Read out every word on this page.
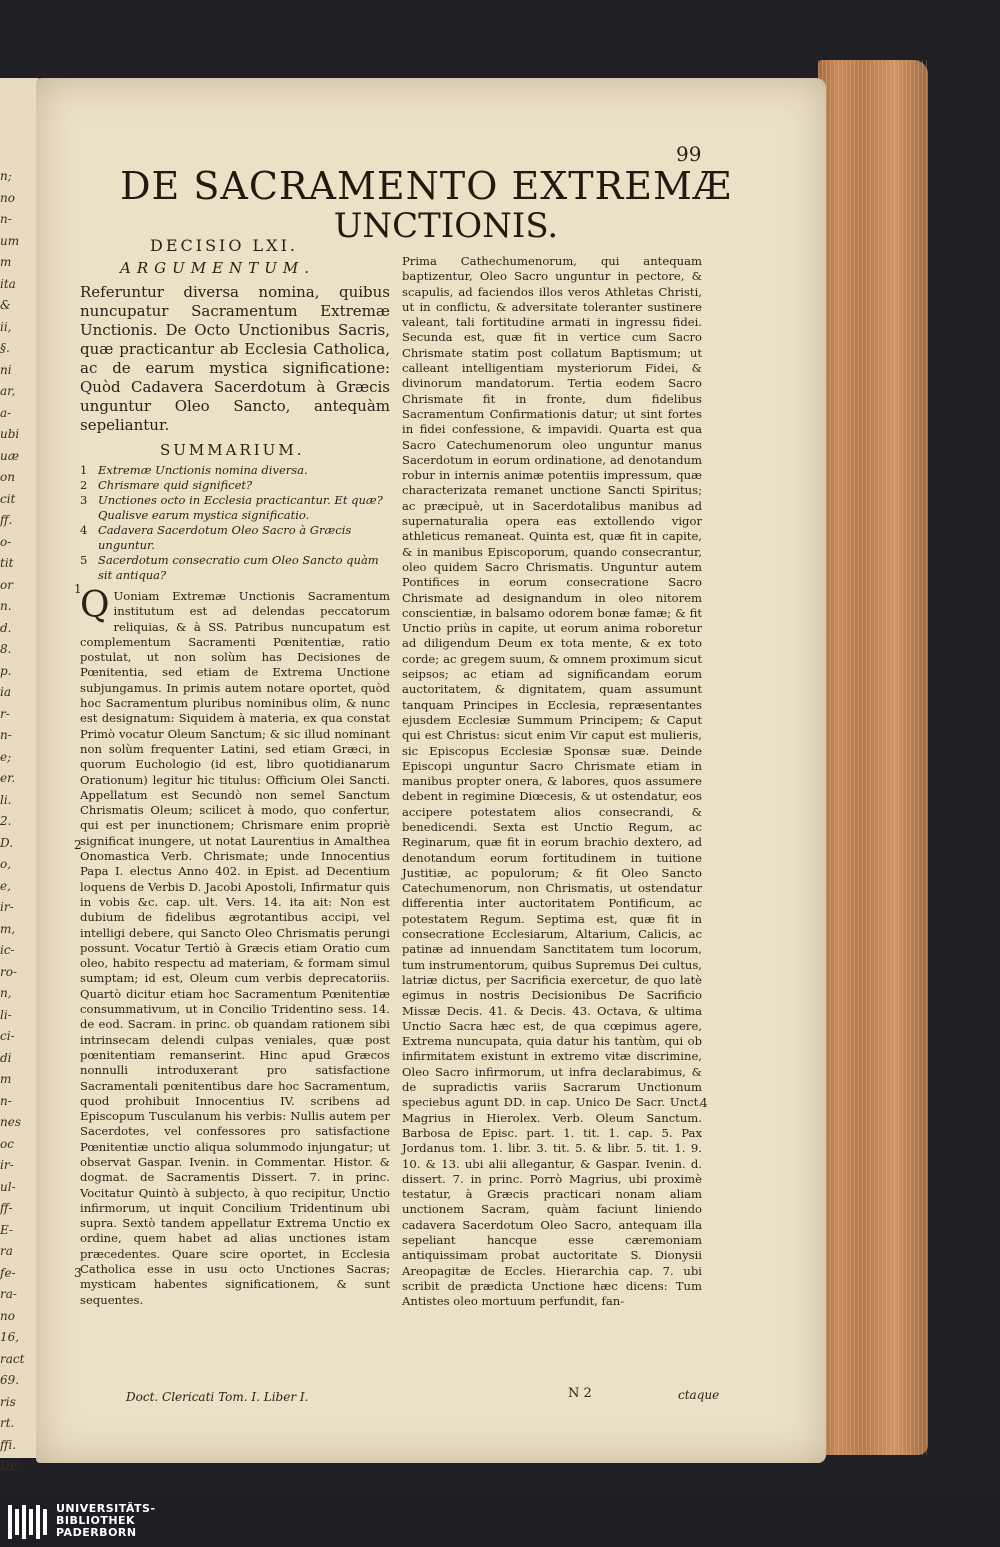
n;
no
n-
um
m
ita
&
ii,
§.
ni
ar,
a-
ubi
uæ
on
cit
ff.
o-
tit
or
n.
d.
8.
p.
ia
r-
n-
e;
er.
li.
2.
D.
o,
e,
ir-
m,
ic-
ro-
n,
li-
ci-
di
m
n-
nes
oc
ir-
ul-
ff-
E-
ra
fe-
ra-
no
16,
ract
69.
ris
rt.
ffi.
DE-
99
DE SACRAMENTO EXTREMÆ
UNCTIONIS.
DECISIO LXI.
ARGUMENTUM.

Referuntur diversa nomina, quibus nuncupatur Sacramentum Extremæ Unctionis. De Octo Unctionibus Sacris, quæ practicantur ab Ecclesia Catholica, ac de earum mystica significatione: Quòd Cadavera Sacerdotum à Græcis unguntur Oleo Sancto, antequàm sepeliantur.

SUMMARIUM.
1 Extremæ Unctionis nomina diversa.
2 Chrismare quid significet?
3 Unctiones octo in Ecclesia practicantur. Et quæ? Qualisve earum mystica significatio.
4 Cadavera Sacerdotum Oleo Sacro à Græcis unguntur.
5 Sacerdotum consecratio cum Oleo Sancto quàm sit antiqua?

Q Uoniam Extremæ Unctionis Sacramentum institutum est ad delendas peccatorum reliquias, & à SS. Patribus nuncupatum est complementum Sacramenti Pœnitentiæ, ratio postulat, ut non solùm has Decisiones de Pœnitentia, sed etiam de Extrema Unctione subjungamus. In primis autem notare oportet, quòd hoc Sacramentum pluribus nominibus olim, & nunc est designatum: Siquidem à materia, ex qua constat Primò vocatur Oleum Sanctum; & sic illud nominant non solùm frequenter Latini, sed etiam Græci, in quorum Euchologio (id est, libro quotidianarum Orationum) legitur hic titulus: Officium Olei Sancti. Appellatum est Secundò non semel Sanctum Chrismatis Oleum; scilicet à modo, quo confertur, qui est per inunctionem; Chrismare enim propriè significat inungere, ut notat Laurentius in Amalthea Onomastica Verb. Chrismate; unde Innocentius Papa I. electus Anno 402. in Epist. ad Decentium loquens de Verbis D. Jacobi Apostoli, Infirmatur quis in vobis &c. cap. ult. Vers. 14. ita ait: Non est dubium de fidelibus ægrotantibus accipi, vel intelligi debere, qui Sancto Oleo Chrismatis perungi possunt. Vocatur Tertiò à Græcis etiam Oratio cum oleo, habito respectu ad materiam, & formam simul sumptam; id est, Oleum cum verbis deprecatoriis. Quartò dicitur etiam hoc Sacramentum Pœnitentiæ consummativum, ut in Concilio Tridentino sess. 14. de eod. Sacram. in princ. ob quandam rationem sibi intrinsecam delendi culpas veniales, quæ post pœnitentiam remanserint. Hinc apud Græcos nonnulli introduxerant pro satisfactione Sacramentali pœnitentibus dare hoc Sacramentum, quod prohibuit Innocentius IV. scribens ad Episcopum Tusculanum his verbis: Nullis autem per Sacerdotes, vel confessores pro satisfactione Pœnitentiæ unctio aliqua solummodo injungatur; ut observat Gaspar. Ivenin. in Commentar. Histor. & dogmat. de Sacramentis Dissert. 7. in princ. Vocitatur Quintò à subjecto, à quo recipitur, Unctio infirmorum, ut inquit Concilium Tridentinum ubi supra. Sextò tandem appellatur Extrema Unctio ex ordine, quem habet ad alias unctiones istam præcedentes. Quare scire oportet, in Ecclesia Catholica esse in usu octo Unctiones Sacras; mysticam habentes significationem, & sunt sequentes.

Prima Cathechumenorum, qui antequam baptizentur, Oleo Sacro unguntur in pectore, & scapulis, ad faciendos illos veros Athletas Christi, ut in conflictu, & adversitate toleranter sustinere valeant, tali fortitudine armati in ingressu fidei. Secunda est, quæ fit in vertice cum Sacro Chrismate statim post collatum Baptismum; ut calleant intelligentiam mysteriorum Fidei, & divinorum mandatorum. Tertia eodem Sacro Chrismate fit in fronte, dum fidelibus Sacramentum Confirmationis datur; ut sint fortes in fidei confessione, & impavidi. Quarta est qua Sacro Catechumenorum oleo unguntur manus Sacerdotum in eorum ordinatione, ad denotandum robur in internis animæ potentiis impressum, quæ characterizata remanet unctione Sancti Spiritus; ac præcipuè, ut in Sacerdotalibus manibus ad supernaturalia opera eas extollendo vigor athleticus remaneat. Quinta est, quæ fit in capite, & in manibus Episcoporum, quando consecrantur, oleo quidem Sacro Chrismatis. Unguntur autem Pontifices in eorum consecratione Sacro Chrismate ad designandum in oleo nitorem conscientiæ, in balsamo odorem bonæ famæ; & fit Unctio priùs in capite, ut eorum anima roboretur ad diligendum Deum ex tota mente, & ex toto corde; ac gregem suum, & omnem proximum sicut seipsos; ac etiam ad significandam eorum auctoritatem, & dignitatem, quam assumunt tanquam Principes in Ecclesia, repræsentantes ejusdem Ecclesiæ Summum Principem; & Caput qui est Christus: sicut enim Vir caput est mulieris, sic Episcopus Ecclesiæ Sponsæ suæ. Deinde Episcopi unguntur Sacro Chrismate etiam in manibus propter onera, & labores, quos assumere debent in regimine Diœcesis, & ut ostendatur, eos accipere potestatem alios consecrandi, & benedicendi. Sexta est Unctio Regum, ac Reginarum, quæ fit in eorum brachio dextero, ad denotandum eorum fortitudinem in tuitione Justitiæ, ac populorum; & fit Oleo Sancto Catechumenorum, non Chrismatis, ut ostendatur differentia inter auctoritatem Pontificum, ac potestatem Regum. Septima est, quæ fit in consecratione Ecclesiarum, Altarium, Calicis, ac patinæ ad innuendam Sanctitatem tum locorum, tum instrumentorum, quibus Supremus Dei cultus, latriæ dictus, per Sacrificia exercetur, de quo latè egimus in nostris Decisionibus De Sacrificio Missæ Decis. 41. & Decis. 43. Octava, & ultima Unctio Sacra hæc est, de qua cœpimus agere, Extrema nuncupata, quia datur his tantùm, qui ob infirmitatem existunt in extremo vitæ discrimine, Oleo Sacro infirmorum, ut infra declarabimus, & de supradictis variis Sacrarum Unctionum speciebus agunt DD. in cap. Unico De Sacr. Unct. Magrius in Hierolex. Verb. Oleum Sanctum. Barbosa de Episc. part. 1. tit. 1. cap. 5. Pax Jordanus tom. 1. libr. 3. tit. 5. & libr. 5. tit. 1. 9. 10. & 13. ubi alii allegantur, & Gaspar. Ivenin. d. dissert. 7. in princ. Porrò Magrius, ubi proximè testatur, à Græcis practicari nonam aliam unctionem Sacram, quàm faciunt liniendo cadavera Sacerdotum Oleo Sacro, antequam illa sepeliant hancque esse cæremoniam antiquissimam probat auctoritate S. Dionysii Areopagitæ de Eccles. Hierarchia cap. 7. ubi scribit de prædicta Unctione hæc dicens: Tum Antistes oleo mortuum perfundit, fan-

1
2
3
4
Doct. Clericati Tom. I. Liber I.	N 2	ctaque
UNIVERSITÄTS-
BIBLIOTHEK
PADERBORN
